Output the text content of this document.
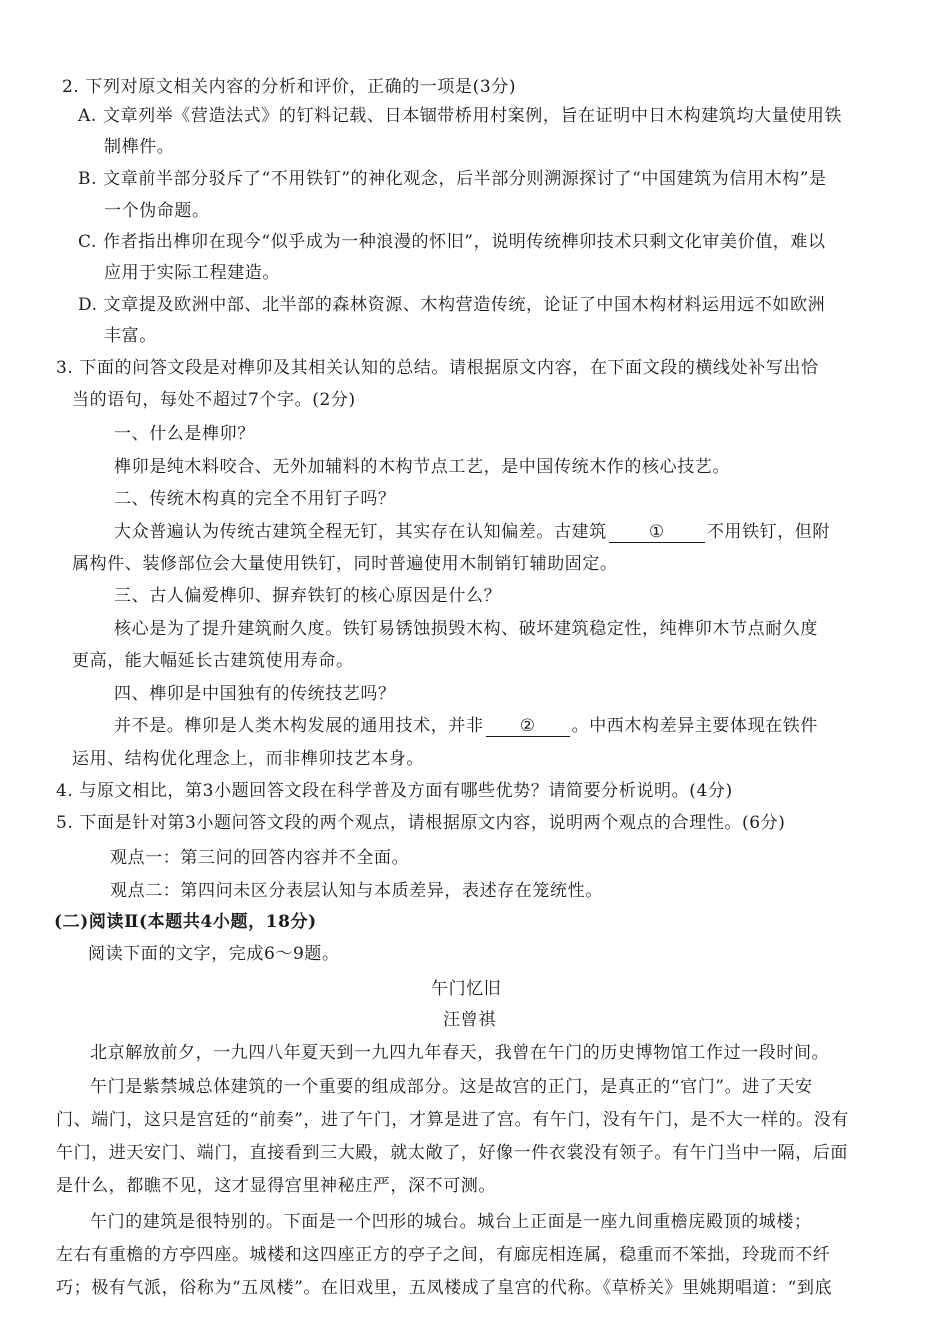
2. 下列对原文相关内容的分析和评价，正确的一项是(3分)
A. 文章列举《营造法式》的钉料记载、日本锢带桥用村案例，旨在证明中日木构建筑均大量使用铁
制榫件。
B. 文章前半部分驳斥了“不用铁钉”的神化观念，后半部分则溯源探讨了“中国建筑为信用木构”是
一个伪命题。
C. 作者指出榫卯在现今“似乎成为一种浪漫的怀旧”，说明传统榫卯技术只剩文化审美价值，难以
应用于实际工程建造。
D. 文章提及欧洲中部、北半部的森林资源、木构营造传统，论证了中国木构材料运用远不如欧洲
丰富。
3. 下面的问答文段是对榫卯及其相关认知的总结。请根据原文内容，在下面文段的横线处补写出恰
当的语句，每处不超过7个字。(2分)
一、什么是榫卯？
榫卯是纯木料咬合、无外加辅料的木构节点工艺，是中国传统木作的核心技艺。
二、传统木构真的完全不用钉子吗？
大众普遍认为传统古建筑全程无钉，其实存在认知偏差。古建筑 ① 不用铁钉，但附
属构件、装修部位会大量使用铁钉，同时普遍使用木制销钉辅助固定。
三、古人偏爱榫卯、摒弃铁钉的核心原因是什么？
核心是为了提升建筑耐久度。铁钉易锈蚀损毁木构、破坏建筑稳定性，纯榫卯木节点耐久度
更高，能大幅延长古建筑使用寿命。
四、榫卯是中国独有的传统技艺吗？
并不是。榫卯是人类木构发展的通用技术，并非 ② 。中西木构差异主要体现在铁件
运用、结构优化理念上，而非榫卯技艺本身。
4. 与原文相比，第3小题回答文段在科学普及方面有哪些优势？请简要分析说明。(4分)
5. 下面是针对第3小题问答文段的两个观点，请根据原文内容，说明两个观点的合理性。(6分)
观点一：第三问的回答内容并不全面。
观点二：第四问未区分表层认知与本质差异，表述存在笼统性。
(二)阅读Ⅱ(本题共4小题，18分)
阅读下面的文字，完成6～9题。
午门忆旧
汪曾祺
北京解放前夕，一九四八年夏天到一九四九年春天，我曾在午门的历史博物馆工作过一段时间。
午门是紫禁城总体建筑的一个重要的组成部分。这是故宫的正门，是真正的“官门”。进了天安
门、端门，这只是宫廷的“前奏”，进了午门，才算是进了宫。有午门，没有午门，是不大一样的。没有
午门，进天安门、端门，直接看到三大殿，就太敞了，好像一件衣裳没有领子。有午门当中一隔，后面
是什么，都瞧不见，这才显得宫里神秘庄严，深不可测。
午门的建筑是很特别的。下面是一个凹形的城台。城台上正面是一座九间重檐庑殿顶的城楼；
左右有重檐的方亭四座。城楼和这四座正方的亭子之间，有廊庑相连属，稳重而不笨拙，玲珑而不纤
巧；极有气派，俗称为“五凤楼”。在旧戏里，五凤楼成了皇宫的代称。《草桥关》里姚期唱道：“到底
